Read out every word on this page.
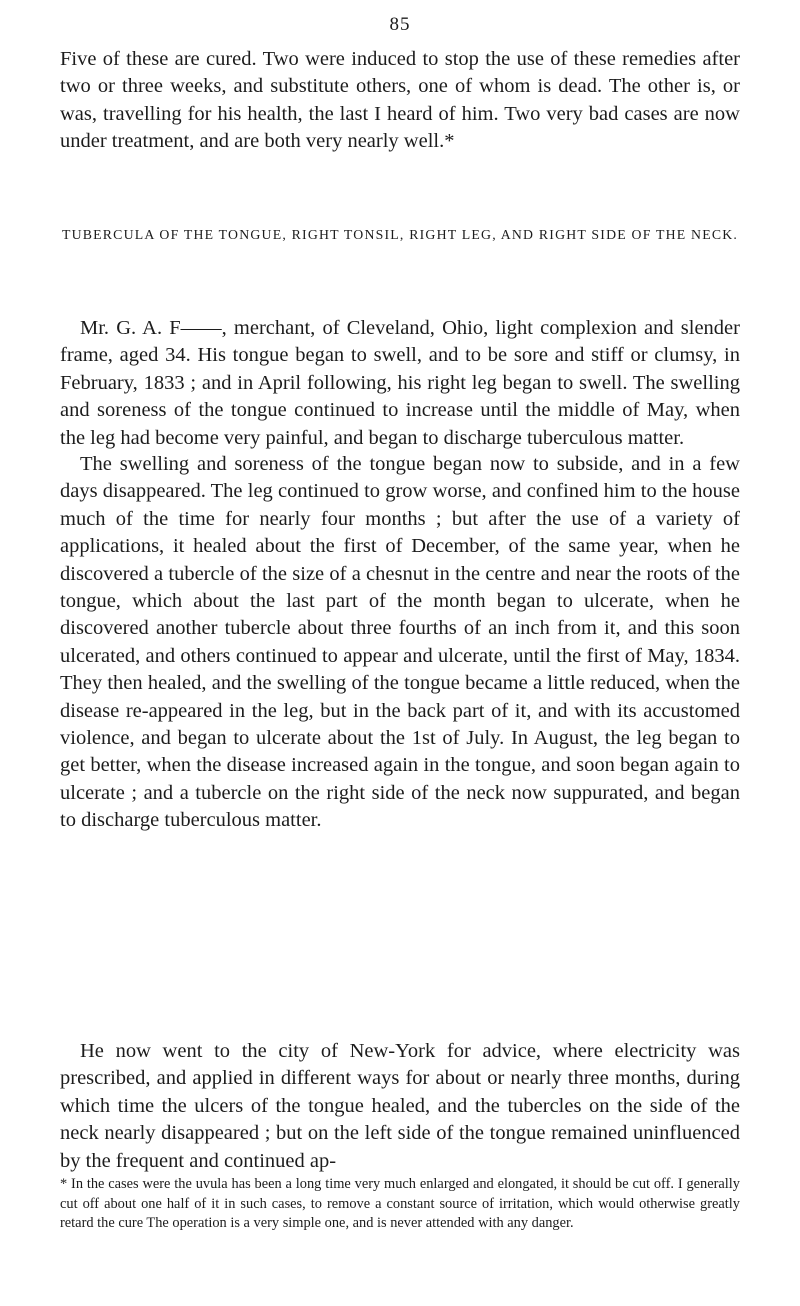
85

Five of these are cured. Two were induced to stop the use of these remedies after two or three weeks, and substitute others, one of whom is dead. The other is, or was, travelling for his health, the last I heard of him. Two very bad cases are now under treatment, and are both very nearly well.*

TUBERCULA OF THE TONGUE, RIGHT TONSIL, RIGHT LEG, AND RIGHT SIDE OF THE NECK.

Mr. G. A. F——, merchant, of Cleveland, Ohio, light complexion and slender frame, aged 34. His tongue began to swell, and to be sore and stiff or clumsy, in February, 1833 ; and in April following, his right leg began to swell. The swelling and soreness of the tongue continued to increase until the middle of May, when the leg had become very painful, and began to discharge tuberculous matter.

The swelling and soreness of the tongue began now to subside, and in a few days disappeared. The leg continued to grow worse, and confined him to the house much of the time for nearly four months ; but after the use of a variety of applications, it healed about the first of December, of the same year, when he discovered a tubercle of the size of a chesnut in the centre and near the roots of the tongue, which about the last part of the month began to ulcerate, when he discovered another tubercle about three fourths of an inch from it, and this soon ulcerated, and others continued to appear and ulcerate, until the first of May, 1834. They then healed, and the swelling of the tongue became a little reduced, when the disease re-appeared in the leg, but in the back part of it, and with its accustomed violence, and began to ulcerate about the 1st of July. In August, the leg began to get better, when the disease increased again in the tongue, and soon began again to ulcerate ; and a tubercle on the right side of the neck now suppurated, and began to discharge tuberculous matter.

He now went to the city of New-York for advice, where electricity was prescribed, and applied in different ways for about or nearly three months, during which time the ulcers of the tongue healed, and the tubercles on the side of the neck nearly disappeared ; but on the left side of the tongue remained uninfluenced by the frequent and continued ap-

* In the cases were the uvula has been a long time very much enlarged and elongated, it should be cut off. I generally cut off about one half of it in such cases, to remove a constant source of irritation, which would otherwise greatly retard the cure The operation is a very simple one, and is never attended with any danger.
